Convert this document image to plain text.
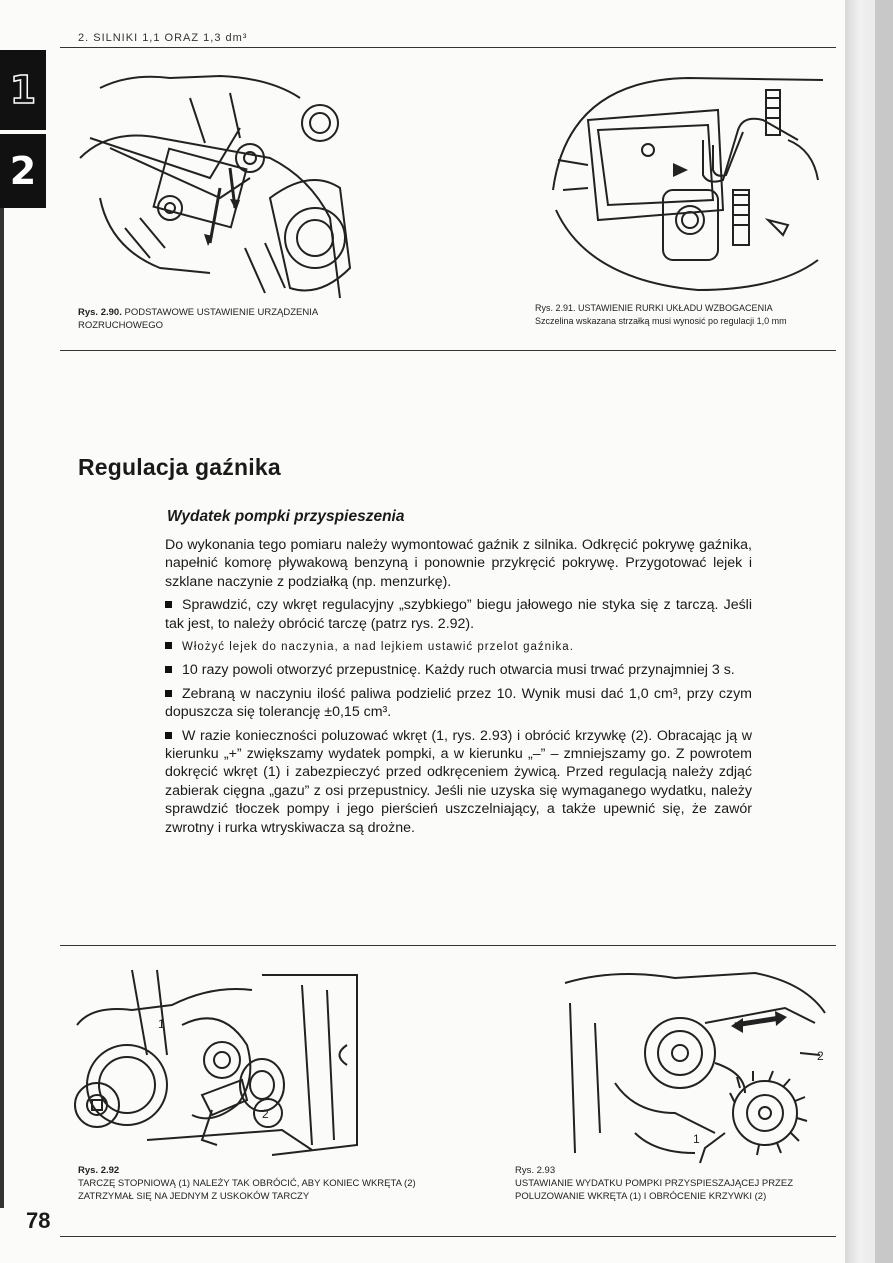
1
2
2. SILNIKI 1,1 ORAZ 1,3 dm³
Rys. 2.90. PODSTAWOWE USTAWIENIE URZĄDZENIA ROZRUCHOWEGO
Rys. 2.91. USTAWIENIE RURKI UKŁADU WZBOGACENIA
Szczelina wskazana strzałką musi wynosić po regulacji 1,0 mm
Regulacja gaźnika
Wydatek pompki przyspieszenia

Do wykonania tego pomiaru należy wymontować gaźnik z silnika. Odkręcić pokrywę gaźnika, napełnić komorę pływakową benzyną i ponownie przykręcić pokrywę. Przygotować lejek i szklane naczynie z podziałką (np. menzurkę).

Sprawdzić, czy wkręt regulacyjny „szybkiego” biegu jałowego nie styka się z tarczą. Jeśli tak jest, to należy obrócić tarczę (patrz rys. 2.92).

Włożyć lejek do naczynia, a nad lejkiem ustawić przelot gaźnika.

10 razy powoli otworzyć przepustnicę. Każdy ruch otwarcia musi trwać przynajmniej 3 s.

Zebraną w naczyniu ilość paliwa podzielić przez 10. Wynik musi dać 1,0 cm³, przy czym dopuszcza się tolerancję ±0,15 cm³.

W razie konieczności poluzować wkręt (1, rys. 2.93) i obrócić krzywkę (2). Obracając ją w kierunku „+” zwiększamy wydatek pompki, a w kierunku „–” – zmniejszamy go. Z powrotem dokręcić wkręt (1) i zabezpieczyć przed odkręceniem żywicą. Przed regulacją należy zdjąć zabierak cięgna „gazu” z osi przepustnicy. Jeśli nie uzyska się wymaganego wydatku, należy sprawdzić tłoczek pompy i jego pierścień uszczelniający, a także upewnić się, że zawór zwrotny i rurka wtryskiwacza są drożne.

1
2
Rys. 2.92
TARCZĘ STOPNIOWĄ (1) NALEŻY TAK OBRÓCIĆ, ABY KONIEC WKRĘTA (2) ZATRZYMAŁ SIĘ NA JEDNYM Z USKOKÓW TARCZY
2
1
Rys. 2.93
USTAWIANIE WYDATKU POMPKI PRZYSPIESZAJĄCEJ PRZEZ POLUZOWANIE WKRĘTA (1) I OBRÓCENIE KRZYWKI (2)
78
